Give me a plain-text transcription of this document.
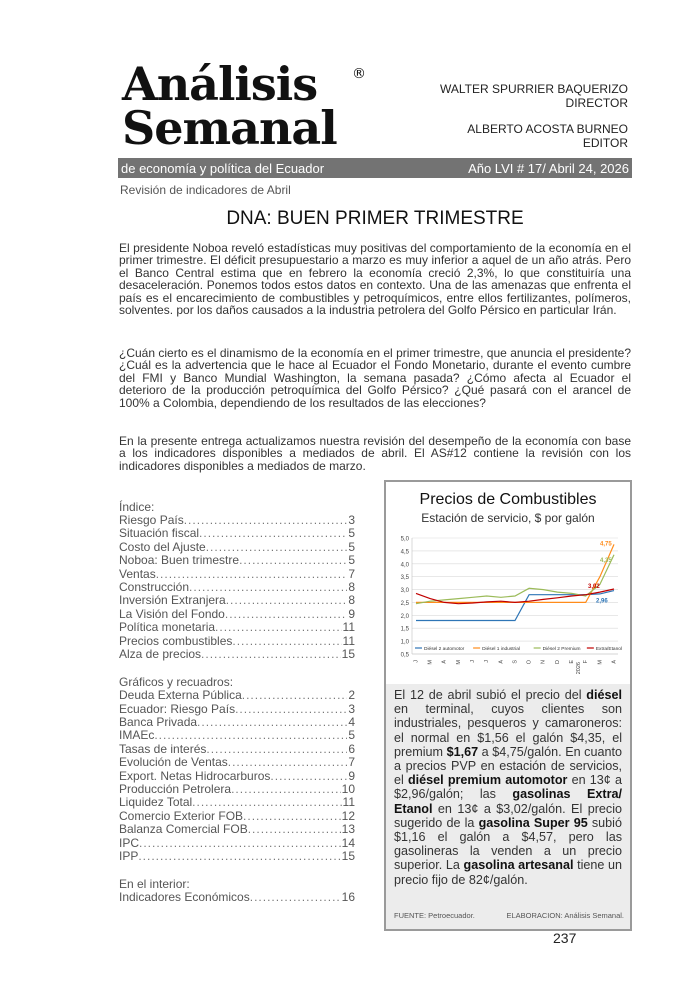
Análisis
Semanal
®
WALTER SPURRIER BAQUERIZO
DIRECTOR
ALBERTO ACOSTA BURNEO
EDITOR
de economía y política del Ecuador	Año LVI # 17/ Abril 24, 2026
Revisión de indicadores de Abril
DNA: BUEN PRIMER TRIMESTRE

El presidente Noboa reveló estadísticas muy positivas del comportamiento de la economía en el primer trimestre. El déficit presupuestario a marzo es muy inferior a aquel de un año atrás. Pero el Banco Central estima que en febrero la economía creció 2,3%, lo que constituiría una desaceleración. Ponemos todos estos datos en contexto. Una de las amenazas que enfrenta el país es el encarecimiento de combustibles y petroquímicos, entre ellos fertilizantes, polímeros, solventes. por los daños causados a la industria petrolera del Golfo Pérsico en particular Irán.

¿Cuán cierto es el dinamismo de la economía en el primer trimestre, que anuncia el presidente? ¿Cuál es la advertencia que le hace al Ecuador el Fondo Monetario, durante el evento cumbre del FMI y Banco Mundial Washington, la semana pasada? ¿Cómo afecta al Ecuador el deterioro de la producción petroquímica del Golfo Pérsico? ¿Qué pasará con el arancel de 100% a Colombia, dependiendo de los resultados de las elecciones?

En la presente entrega actualizamos nuestra revisión del desempeño de la economía con base a los indicadores disponibles a mediados de abril. El AS#12 contiene la revisión con los indicadores disponibles a mediados de marzo.

Índice:
Riesgo País .....	3
Situación fiscal .....	5
Costo del Ajuste .....	5
Noboa: Buen trimestre .....	5
Ventas .....	7
Construcción .....	8
Inversión Extranjera .....	8
La Visión del Fondo .....	9
Política monetaria .....	11
Precios combustibles .....	11
Alza de precios .....	15
Gráficos y recuadros:
Deuda Externa Pública .....	2
Ecuador: Riesgo País .....	3
Banca Privada .....	4
IMAEc .....	5
Tasas de interés .....	6
Evolución de Ventas .....	7
Export. Netas Hidrocarburos .....	9
Producción Petrolera .....	10
Liquidez Total .....	11
Comercio Exterior FOB .....	12
Balanza Comercial FOB .....	13
IPC .....	14
IPP .....	15
En el interior:
Indicadores Económicos .....	16
Precios de Combustibles
Estación de servicio, $ por galón
0,5
1,0
1,5
2,0
2,5
3,0
3,5
4,0
4,5
5,0
J M A M J J A S O N D E F M A
2026
4,75
4,35
3,02
2,96
Diésel 2 automotor	Diésel 1 industrial	Diésel 2 Premium	Extra/Etanol
El 12 de abril subió el precio del diésel en terminal, cuyos clientes son industriales, pesqueros y camaroneros: el normal en $1,56 el galón $4,35, el premium $1,67 a $4,75/galón. En cuanto a precios PVP en estación de servicios, el diésel premium automotor en 13¢ a $2,96/galón; las gasolinas Extra/ Etanol en 13¢ a $3,02/galón. El precio sugerido de la gasolina Super 95 subió $1,16 el galón a $4,57, pero las gasolineras la venden a un precio superior. La gasolina artesanal tiene un precio fijo de 82¢/galón.
FUENTE: Petroecuador.	ELABORACION: Análisis Semanal.
237
